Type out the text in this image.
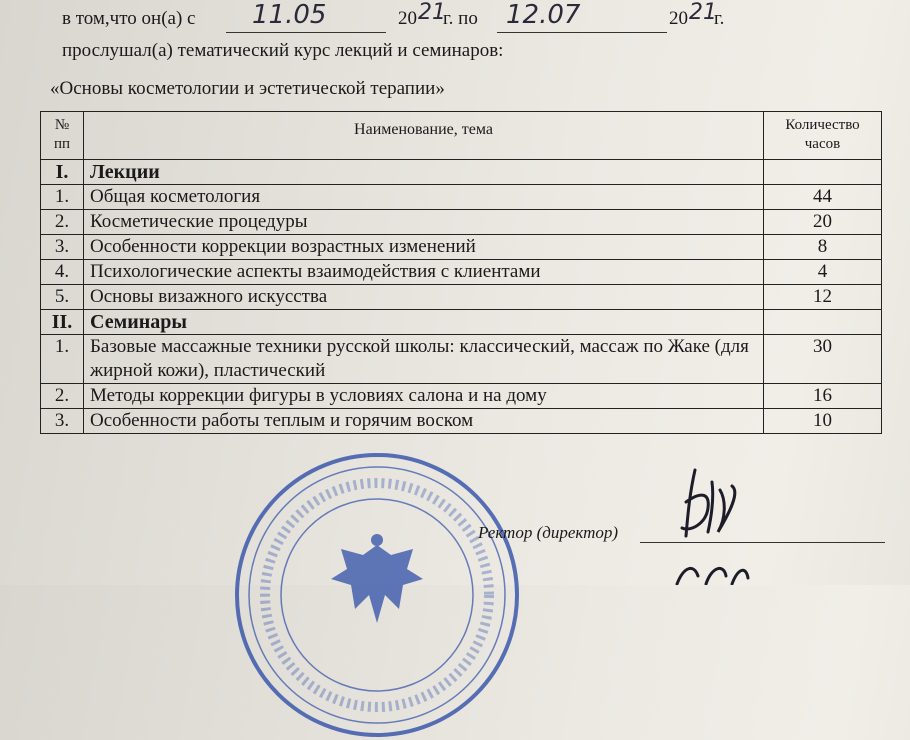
в том,что он(а) с 11.05	20 21
г. по 12.07	20 21
г.
прослушал(а) тематический курс лекций и семинаров:
«Основы косметологии и эстетической терапии»
№ пп	Наименование, тема	Количество часов
I.	Лекции	
1.	Общая косметология	44
2.	Косметические процедуры	20
3.	Особенности коррекции возрастных изменений	8
4.	Психологические аспекты взаимодействия с клиентами	4
5.	Основы визажного искусства	12
II.	Семинары	
1.	Базовые массажные техники русской школы: классический, массаж по Жаке (для жирной кожи), пластический	30
2.	Методы коррекции фигуры в условиях салона и на дому	16
3.	Особенности работы теплым и горячим воском	10
Ректор (директор)
